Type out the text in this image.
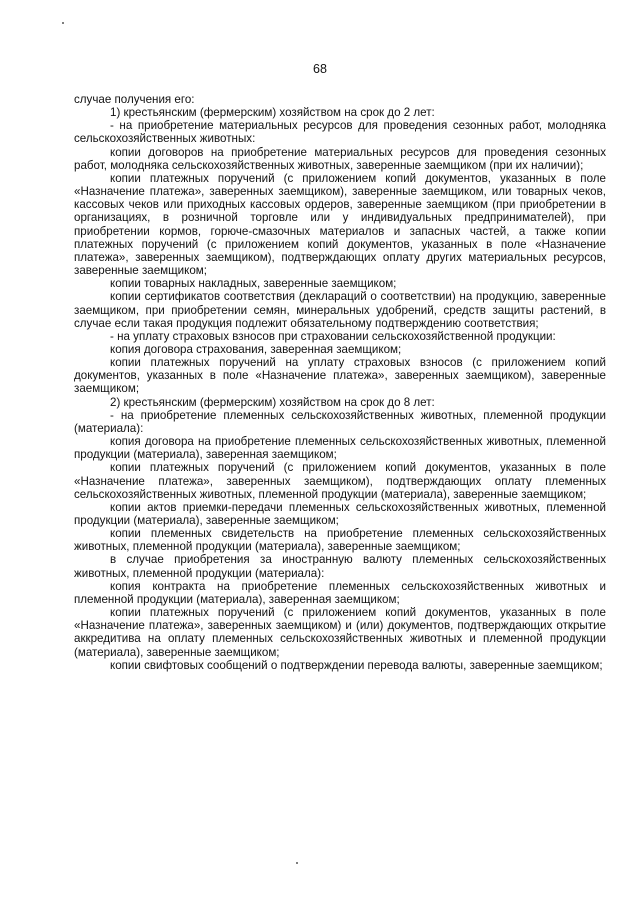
68

случае получения его:

1) крестьянским (фермерским) хозяйством на срок до 2 лет:

- на приобретение материальных ресурсов для проведения сезонных работ, молодняка сельскохозяйственных животных:

копии договоров на приобретение материальных ресурсов для проведения сезонных работ, молодняка сельскохозяйственных животных, заверенные заемщиком (при их наличии);

копии платежных поручений (с приложением копий документов, указанных в поле «Назначение платежа», заверенных заемщиком), заверенные заемщиком, или товарных чеков, кассовых чеков или приходных кассовых ордеров, заверенные заемщиком (при приобретении в организациях, в розничной торговле или у индивидуальных предпринимателей), при приобретении кормов, горюче-смазочных материалов и запасных частей, а также копии платежных поручений (с приложением копий документов, указанных в поле «Назначение платежа», заверенных заемщиком), подтверждающих оплату других материальных ресурсов, заверенные заемщиком;

копии товарных накладных, заверенные заемщиком;

копии сертификатов соответствия (деклараций о соответствии) на продукцию, заверенные заемщиком, при приобретении семян, минеральных удобрений, средств защиты растений, в случае если такая продукция подлежит обязательному подтверждению соответствия;

- на уплату страховых взносов при страховании сельскохозяйственной продукции:

копия договора страхования, заверенная заемщиком;

копии платежных поручений на уплату страховых взносов (с приложением копий документов, указанных в поле «Назначение платежа», заверенных заемщиком), заверенные заемщиком;

2) крестьянским (фермерским) хозяйством на срок до 8 лет:

- на приобретение племенных сельскохозяйственных животных, племенной продукции (материала):

копия договора на приобретение племенных сельскохозяйственных животных, племенной продукции (материала), заверенная заемщиком;

копии платежных поручений (с приложением копий документов, указанных в поле «Назначение платежа», заверенных заемщиком), подтверждающих оплату племенных сельскохозяйственных животных, племенной продукции (материала), заверенные заемщиком;

копии актов приемки-передачи племенных сельскохозяйственных животных, племенной продукции (материала), заверенные заемщиком;

копии племенных свидетельств на приобретение племенных сельскохозяйственных животных, племенной продукции (материала), заверенные заемщиком;

в случае приобретения за иностранную валюту племенных сельскохозяйственных животных, племенной продукции (материала):

копия контракта на приобретение племенных сельскохозяйственных животных и племенной продукции (материала), заверенная заемщиком;

копии платежных поручений (с приложением копий документов, указанных в поле «Назначение платежа», заверенных заемщиком) и (или) документов, подтверждающих открытие аккредитива на оплату племенных сельскохозяйственных животных и племенной продукции (материала), заверенные заемщиком;

копии свифтовых сообщений о подтверждении перевода валюты, заверенные заемщиком;
